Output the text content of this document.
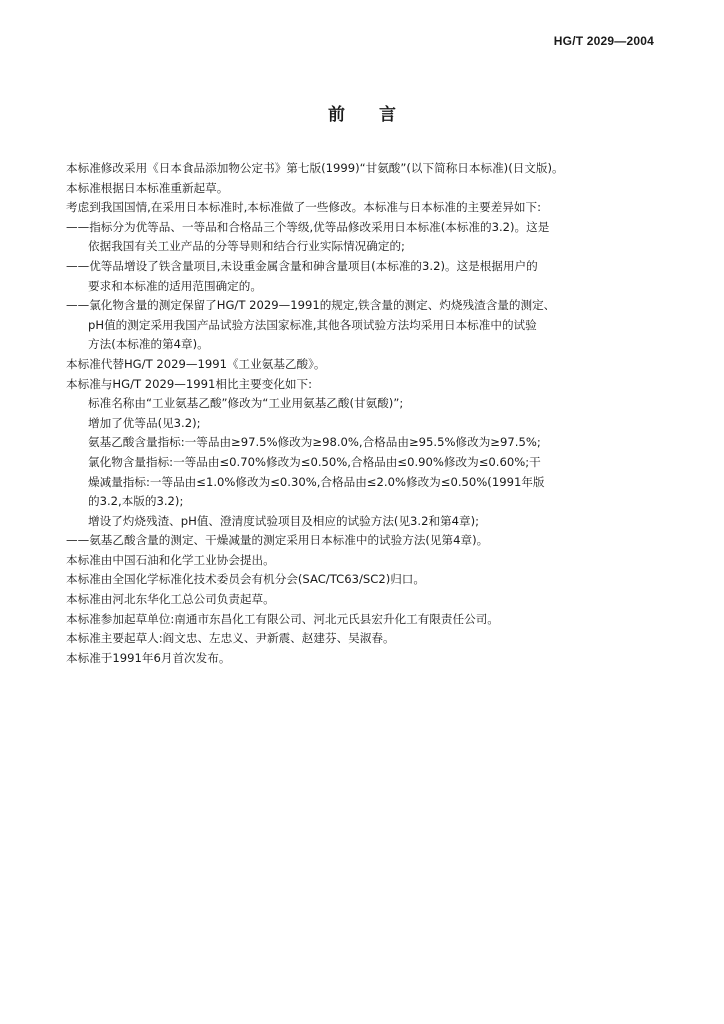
HG/T 2029—2004
前 言
本标准修改采用《日本食品添加物公定书》第七版(1999)“甘氨酸”(以下简称日本标准)(日文版)。
本标准根据日本标准重新起草。
考虑到我国国情,在采用日本标准时,本标准做了一些修改。本标准与日本标准的主要差异如下:
——指标分为优等品、一等品和合格品三个等级,优等品修改采用日本标准(本标准的3.2)。这是
依据我国有关工业产品的分等导则和结合行业实际情况确定的;
——优等品增设了铁含量项目,未设重金属含量和砷含量项目(本标准的3.2)。这是根据用户的
要求和本标准的适用范围确定的。
——氯化物含量的测定保留了HG/T 2029—1991的规定,铁含量的测定、灼烧残渣含量的测定、
pH值的测定采用我国产品试验方法国家标准,其他各项试验方法均采用日本标准中的试验
方法(本标准的第4章)。
本标准代替HG/T 2029—1991《工业氨基乙酸》。
本标准与HG/T 2029—1991相比主要变化如下:
标准名称由“工业氨基乙酸”修改为“工业用氨基乙酸(甘氨酸)”;
增加了优等品(见3.2);
氨基乙酸含量指标:一等品由≥97.5%修改为≥98.0%,合格品由≥95.5%修改为≥97.5%;
氯化物含量指标:一等品由≤0.70%修改为≤0.50%,合格品由≤0.90%修改为≤0.60%;干
燥减量指标:一等品由≤1.0%修改为≤0.30%,合格品由≤2.0%修改为≤0.50%(1991年版
的3.2,本版的3.2);
增设了灼烧残渣、pH值、澄清度试验项目及相应的试验方法(见3.2和第4章);
——氨基乙酸含量的测定、干燥减量的测定采用日本标准中的试验方法(见第4章)。
本标准由中国石油和化学工业协会提出。
本标准由全国化学标准化技术委员会有机分会(SAC/TC63/SC2)归口。
本标准由河北东华化工总公司负责起草。
本标准参加起草单位:南通市东昌化工有限公司、河北元氏县宏升化工有限责任公司。
本标准主要起草人:阎文忠、左忠义、尹新震、赵建芬、吴淑春。
本标准于1991年6月首次发布。
